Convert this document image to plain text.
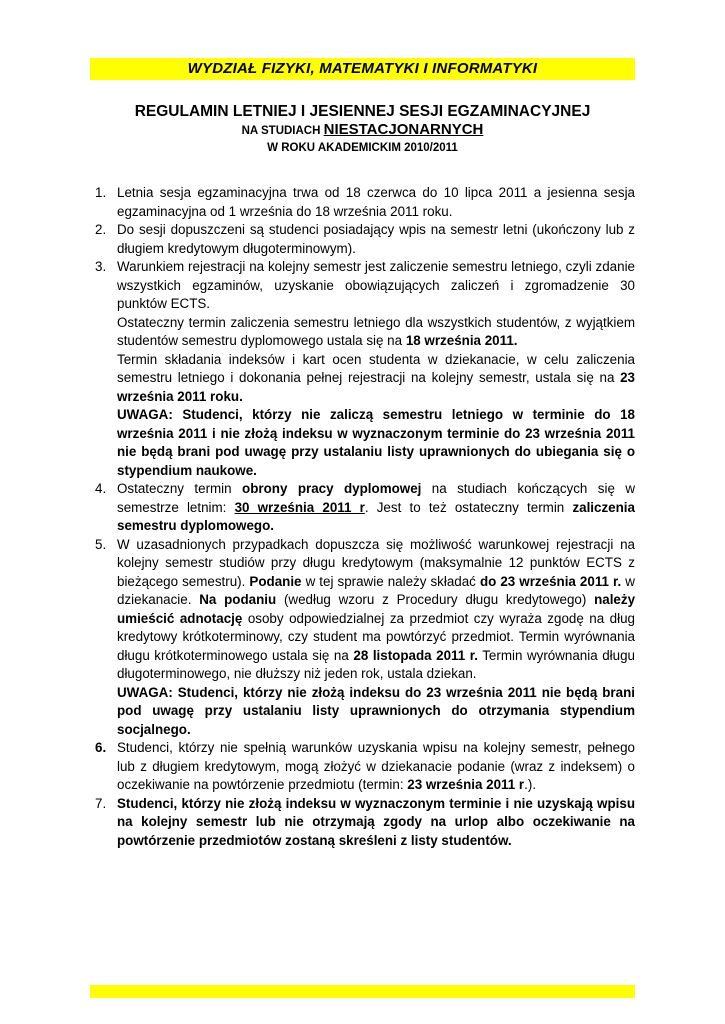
WYDZIAŁ FIZYKI, MATEMATYKI I INFORMATYKI
REGULAMIN LETNIEJ I JESIENNEJ SESJI EGZAMINACYJNEJ
NA STUDIACH NIESTACJONARNYCH
W ROKU AKADEMICKIM 2010/2011
1. Letnia sesja egzaminacyjna trwa od 18 czerwca do 10 lipca 2011 a jesienna sesja egzaminacyjna od 1 września do 18 września 2011 roku.
2. Do sesji dopuszczeni są studenci posiadający wpis na semestr letni (ukończony lub z długiem kredytowym długoterminowym).
3. Warunkiem rejestracji na kolejny semestr jest zaliczenie semestru letniego, czyli zdanie wszystkich egzaminów, uzyskanie obowiązujących zaliczeń i zgromadzenie 30 punktów ECTS.
Ostateczny termin zaliczenia semestru letniego dla wszystkich studentów, z wyjątkiem studentów semestru dyplomowego ustala się na 18 września 2011.
Termin składania indeksów i kart ocen studenta w dziekanacie, w celu zaliczenia semestru letniego i dokonania pełnej rejestracji na kolejny semestr, ustala się na 23 września 2011 roku.
UWAGA: Studenci, którzy nie zaliczą semestru letniego w terminie do 18 września 2011 i nie złożą indeksu w wyznaczonym terminie do 23 września 2011 nie będą brani pod uwagę przy ustalaniu listy uprawnionych do ubiegania się o stypendium naukowe.
4. Ostateczny termin obrony pracy dyplomowej na studiach kończących się w semestrze letnim: 30 września 2011 r. Jest to też ostateczny termin zaliczenia semestru dyplomowego.
5. W uzasadnionych przypadkach dopuszcza się możliwość warunkowej rejestracji na kolejny semestr studiów przy długu kredytowym (maksymalnie 12 punktów ECTS z bieżącego semestru). Podanie w tej sprawie należy składać do 23 września 2011 r. w dziekanacie. Na podaniu (według wzoru z Procedury długu kredytowego) należy umieścić adnotację osoby odpowiedzialnej za przedmiot czy wyraża zgodę na dług kredytowy krótkoterminowy, czy student ma powtórzyć przedmiot. Termin wyrównania długu krótkoterminowego ustala się na 28 listopada 2011 r. Termin wyrównania długu długoterminowego, nie dłuższy niż jeden rok, ustala dziekan.
UWAGA: Studenci, którzy nie złożą indeksu do 23 września 2011 nie będą brani pod uwagę przy ustalaniu listy uprawnionych do otrzymania stypendium socjalnego.
6. Studenci, którzy nie spełnią warunków uzyskania wpisu na kolejny semestr, pełnego lub z długiem kredytowym, mogą złożyć w dziekanacie podanie (wraz z indeksem) o oczekiwanie na powtórzenie przedmiotu (termin: 23 września 2011 r.).
7. Studenci, którzy nie złożą indeksu w wyznaczonym terminie i nie uzyskają wpisu na kolejny semestr lub nie otrzymają zgody na urlop albo oczekiwanie na powtórzenie przedmiotów zostaną skreśleni z listy studentów.
